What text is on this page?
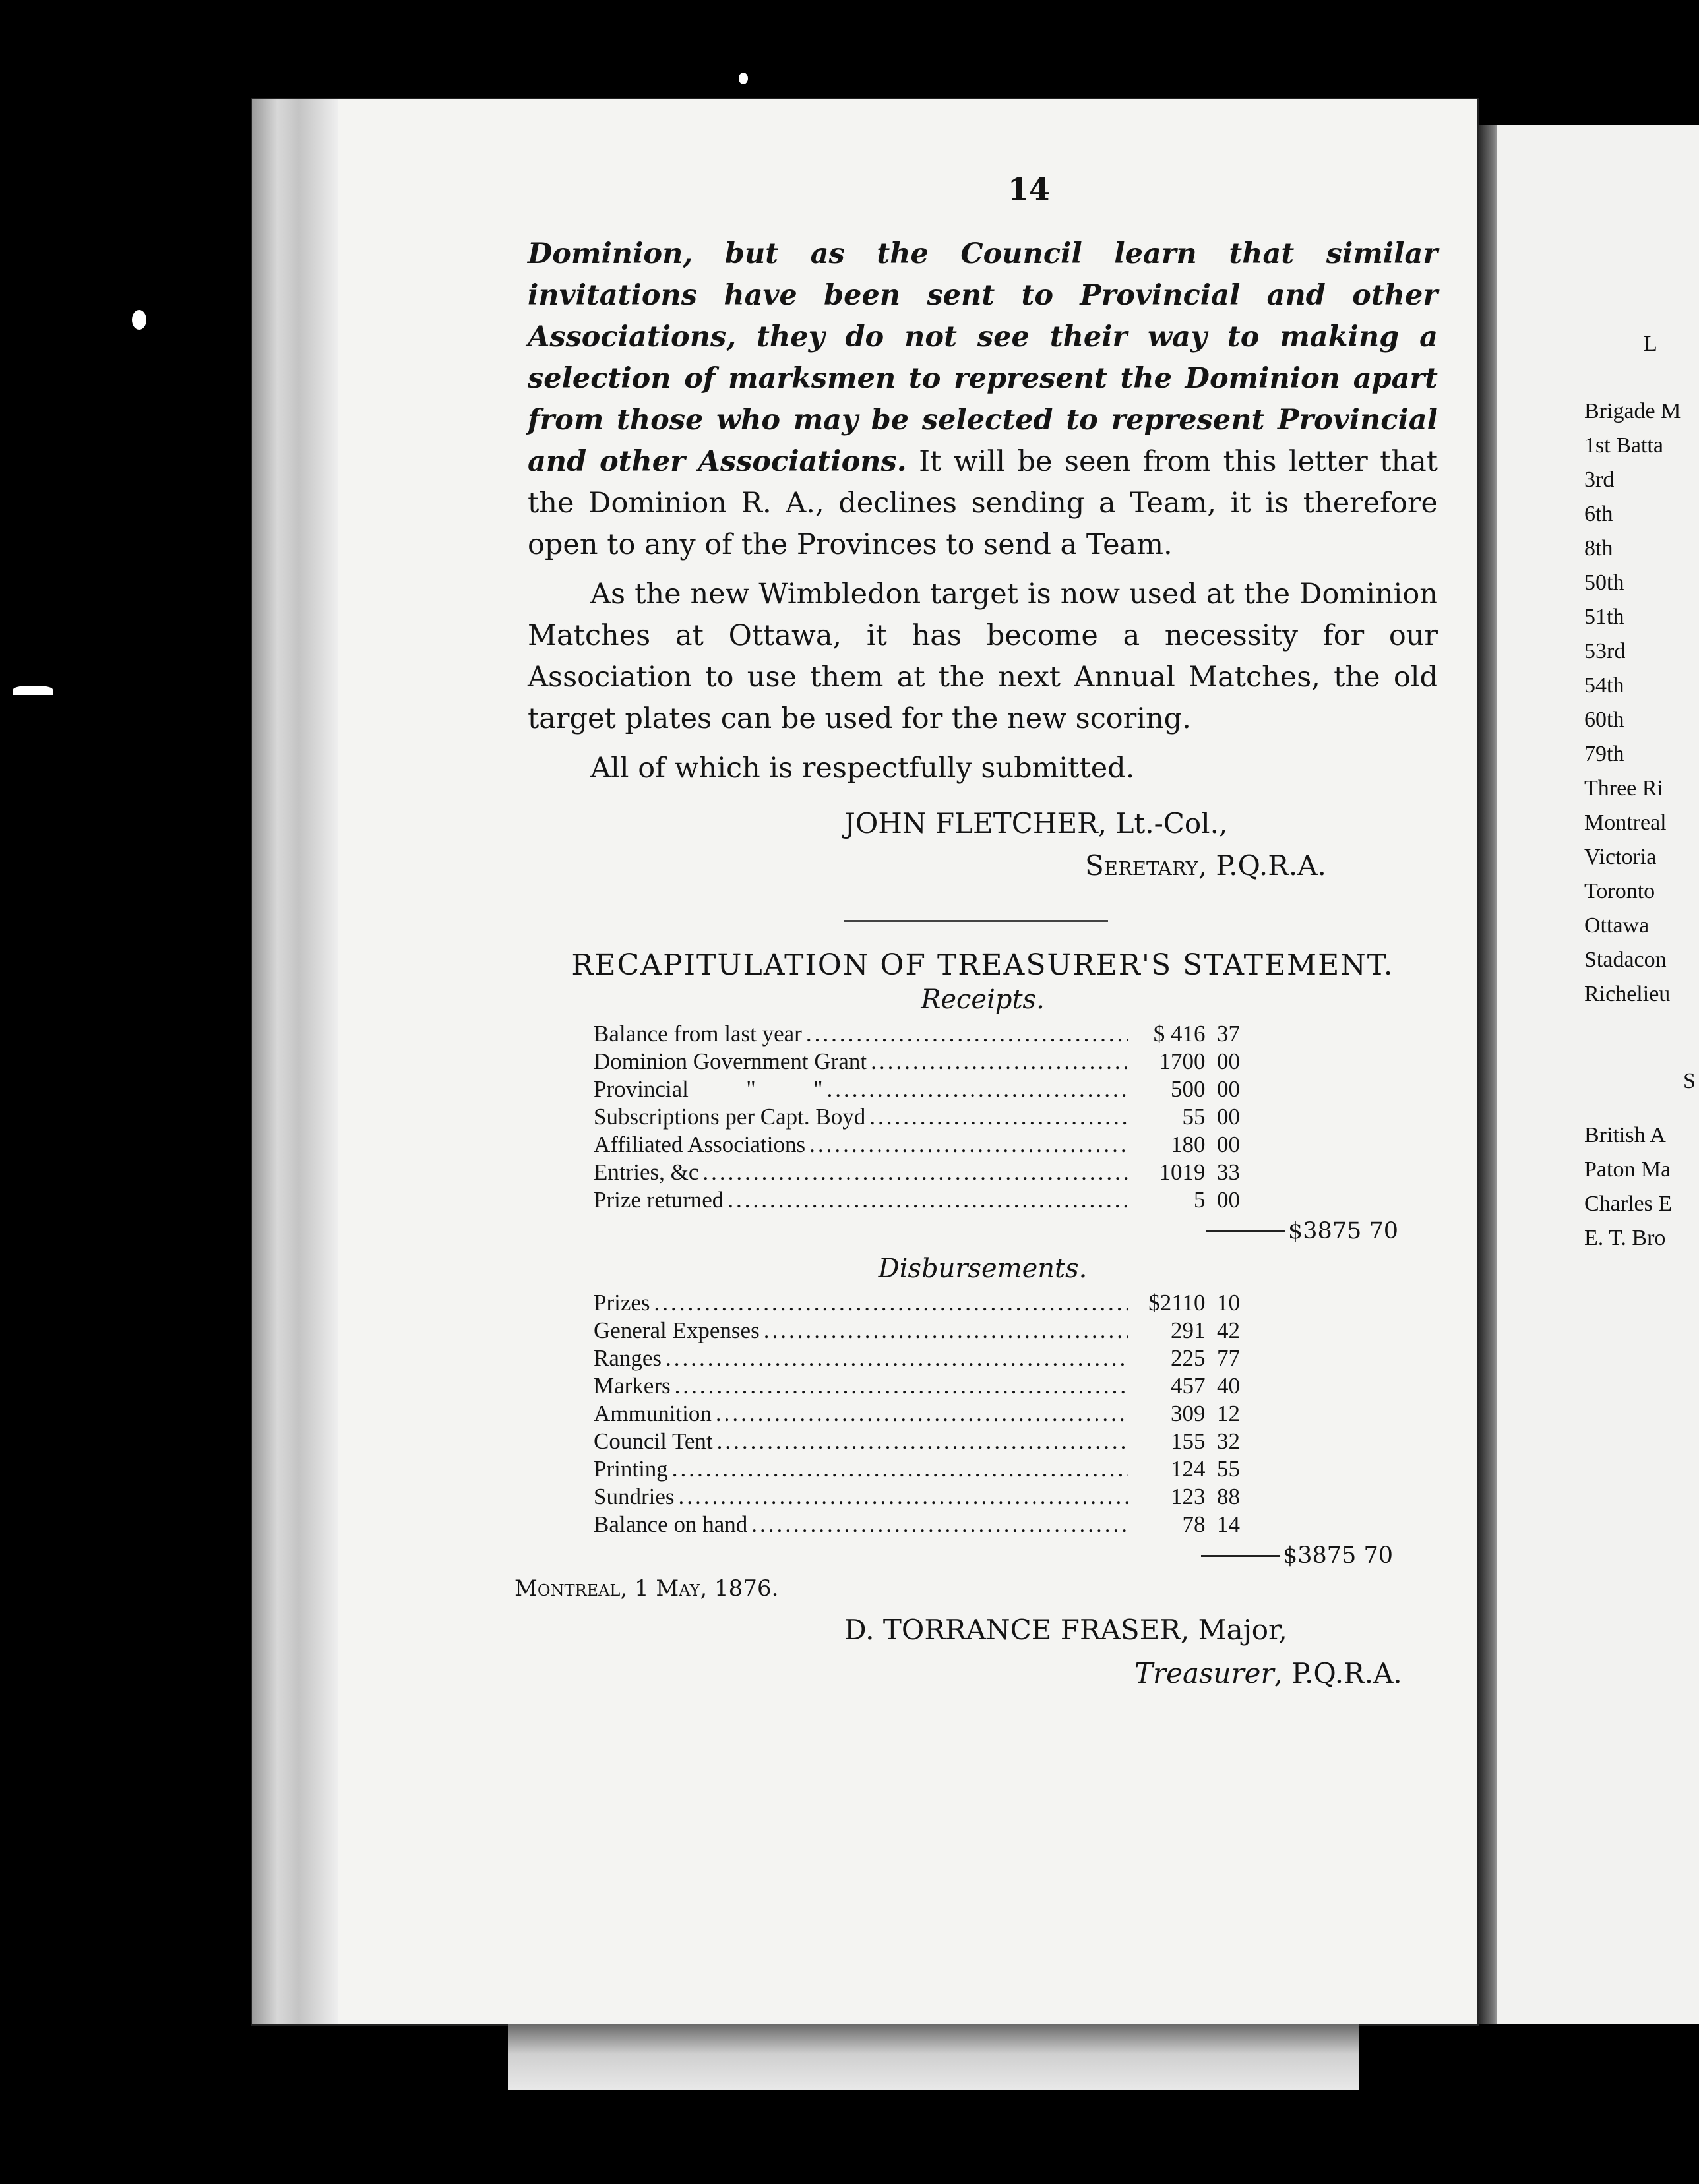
14

Dominion, but as the Council learn that similar invitations have been sent to Provincial and other Associations, they do not see their way to making a selection of marksmen to represent the Dominion apart from those who may be selected to represent Provincial and other Associations. It will be seen from this letter that the Dominion R. A., declines sending a Team, it is therefore open to any of the Provinces to send a Team.

As the new Wimbledon target is now used at the Dominion Matches at Ottawa, it has become a necessity for our Association to use them at the next Annual Matches, the old target plates can be used for the new scoring.

All of which is respectfully submitted.

JOHN FLETCHER, Lt.-Col.,
Seretary, P.Q.R.A.
RECAPITULATION OF TREASURER'S STATEMENT.
Receipts.
Balance from last year .....	$ 416  37
Dominion Government Grant .....	1700  00
Provincial          "          " .....	500  00
Subscriptions per Capt. Boyd .....	55  00
Affiliated Associations .....	180  00
Entries, &c .....	1019  33
Prize returned .....	5  00
$3875 70
Disbursements.
Prizes .....	$2110  10
General Expenses .....	291  42
Ranges .....	225  77
Markers .....	457  40
Ammunition .....	309  12
Council Tent .....	155  32
Printing .....	124  55
Sundries .....	123  88
Balance on hand .....	78  14
$3875 70
Montreal, 1 May, 1876.
D. TORRANCE FRASER, Major,
Treasurer, P.Q.R.A.
L
Brigade M
1st Batta
3rd
6th
8th
50th
51th
53rd
54th
60th
79th
Three Ri
Montreal
Victoria
Toronto
Ottawa
Stadacon
Richelieu
S
British A
Paton Ma
Charles E
E. T. Bro
